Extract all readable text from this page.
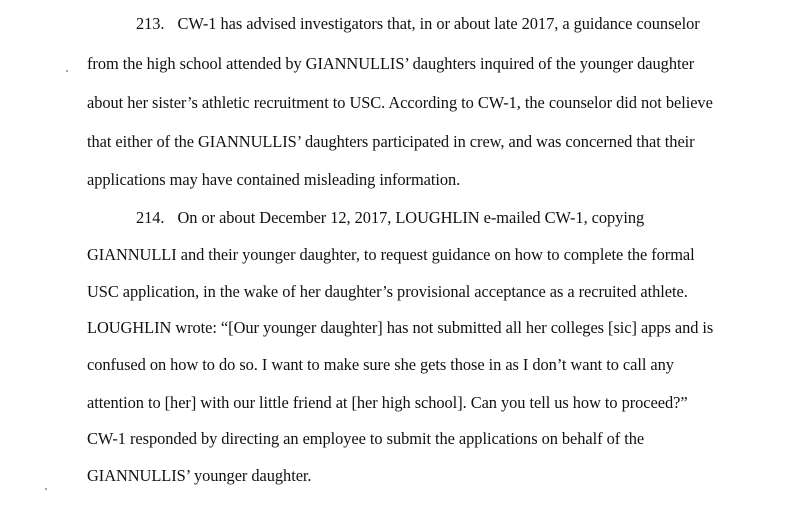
213. CW-1 has advised investigators that, in or about late 2017, a guidance counselor
from the high school attended by GIANNULLIS’ daughters inquired of the younger daughter
about her sister’s athletic recruitment to USC. According to CW-1, the counselor did not believe
that either of the GIANNULLIS’ daughters participated in crew, and was concerned that their
applications may have contained misleading information.
214. On or about December 12, 2017, LOUGHLIN e-mailed CW-1, copying
GIANNULLI and their younger daughter, to request guidance on how to complete the formal
USC application, in the wake of her daughter’s provisional acceptance as a recruited athlete.
LOUGHLIN wrote: “[Our younger daughter] has not submitted all her colleges [sic] apps and is
confused on how to do so. I want to make sure she gets those in as I don’t want to call any
attention to [her] with our little friend at [her high school]. Can you tell us how to proceed?”
CW-1 responded by directing an employee to submit the applications on behalf of the
GIANNULLIS’ younger daughter.
